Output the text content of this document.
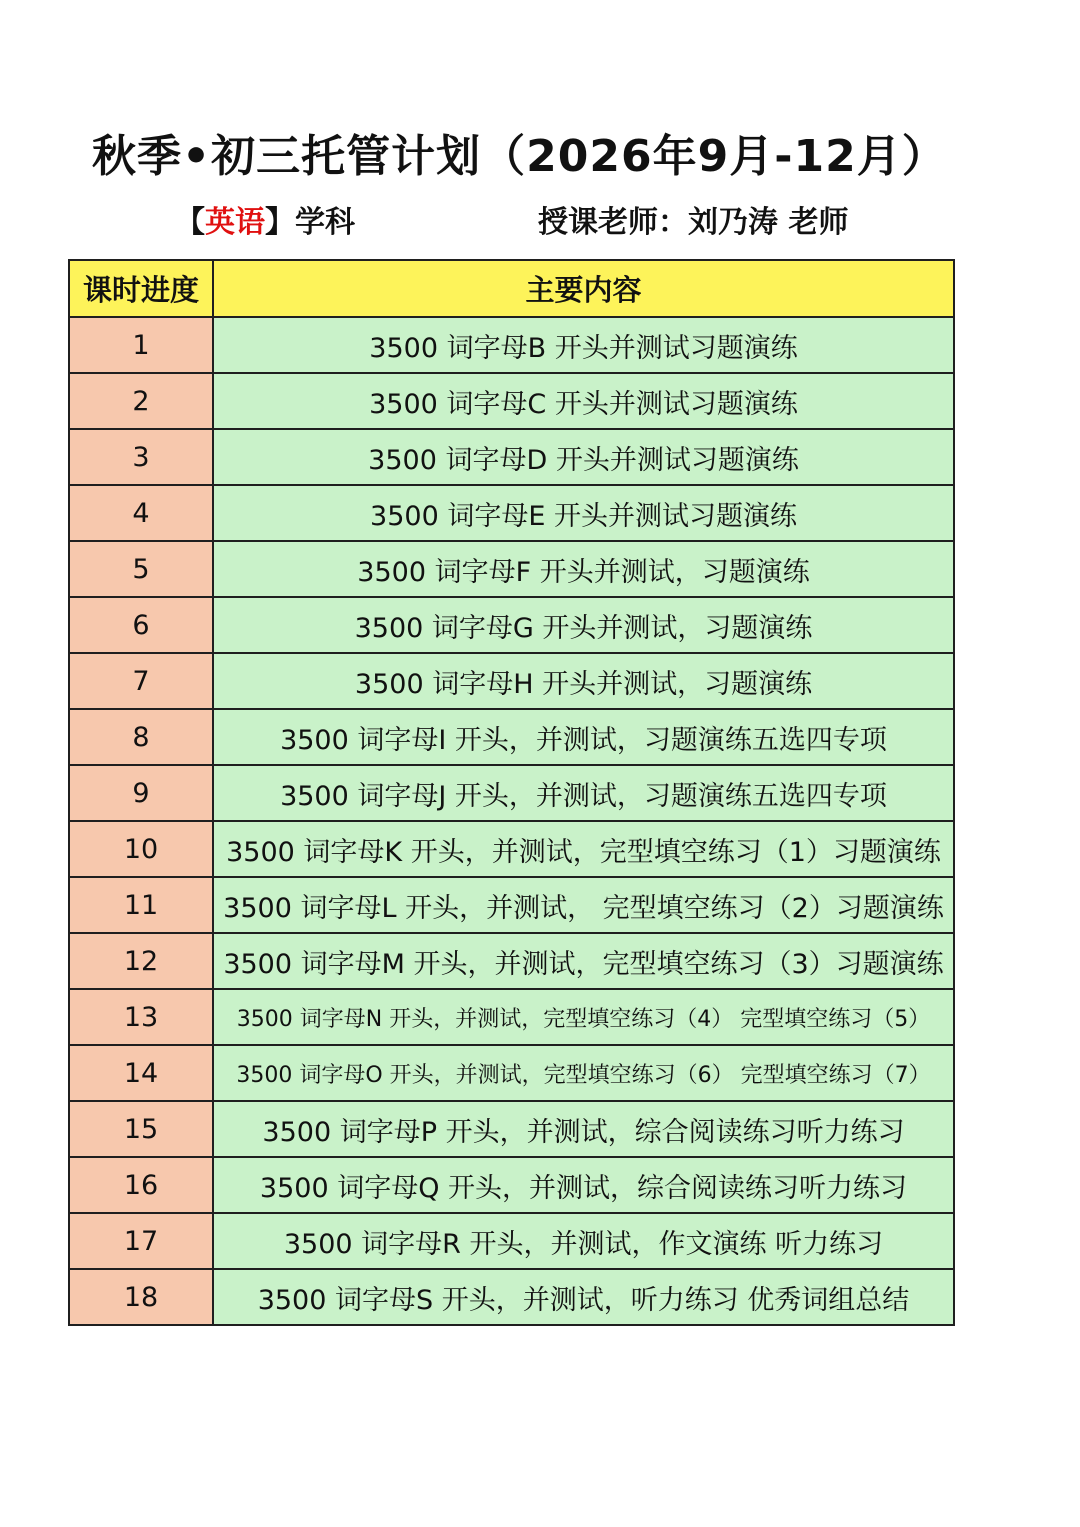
秋季•初三托管计划（2026年9月-12月）
【英语】学科	授课老师：刘乃涛 老师
课时进度	主要内容
1	3500 词字母B 开头并测试习题演练
2	3500 词字母C 开头并测试习题演练
3	3500 词字母D 开头并测试习题演练
4	3500 词字母E 开头并测试习题演练
5	3500 词字母F 开头并测试，习题演练
6	3500 词字母G 开头并测试，习题演练
7	3500 词字母H 开头并测试，习题演练
8	3500 词字母I 开头，并测试，习题演练五选四专项
9	3500 词字母J 开头，并测试，习题演练五选四专项
10	3500 词字母K 开头，并测试，完型填空练习（1）习题演练
11	3500 词字母L 开头，并测试， 完型填空练习（2）习题演练
12	3500 词字母M 开头，并测试，完型填空练习（3）习题演练
13	3500 词字母N 开头，并测试，完型填空练习（4） 完型填空练习（5）
14	3500 词字母O 开头，并测试，完型填空练习（6） 完型填空练习（7）
15	3500 词字母P 开头，并测试，综合阅读练习听力练习
16	3500 词字母Q 开头，并测试，综合阅读练习听力练习
17	3500 词字母R 开头，并测试，作文演练 听力练习
18	3500 词字母S 开头，并测试，听力练习 优秀词组总结
